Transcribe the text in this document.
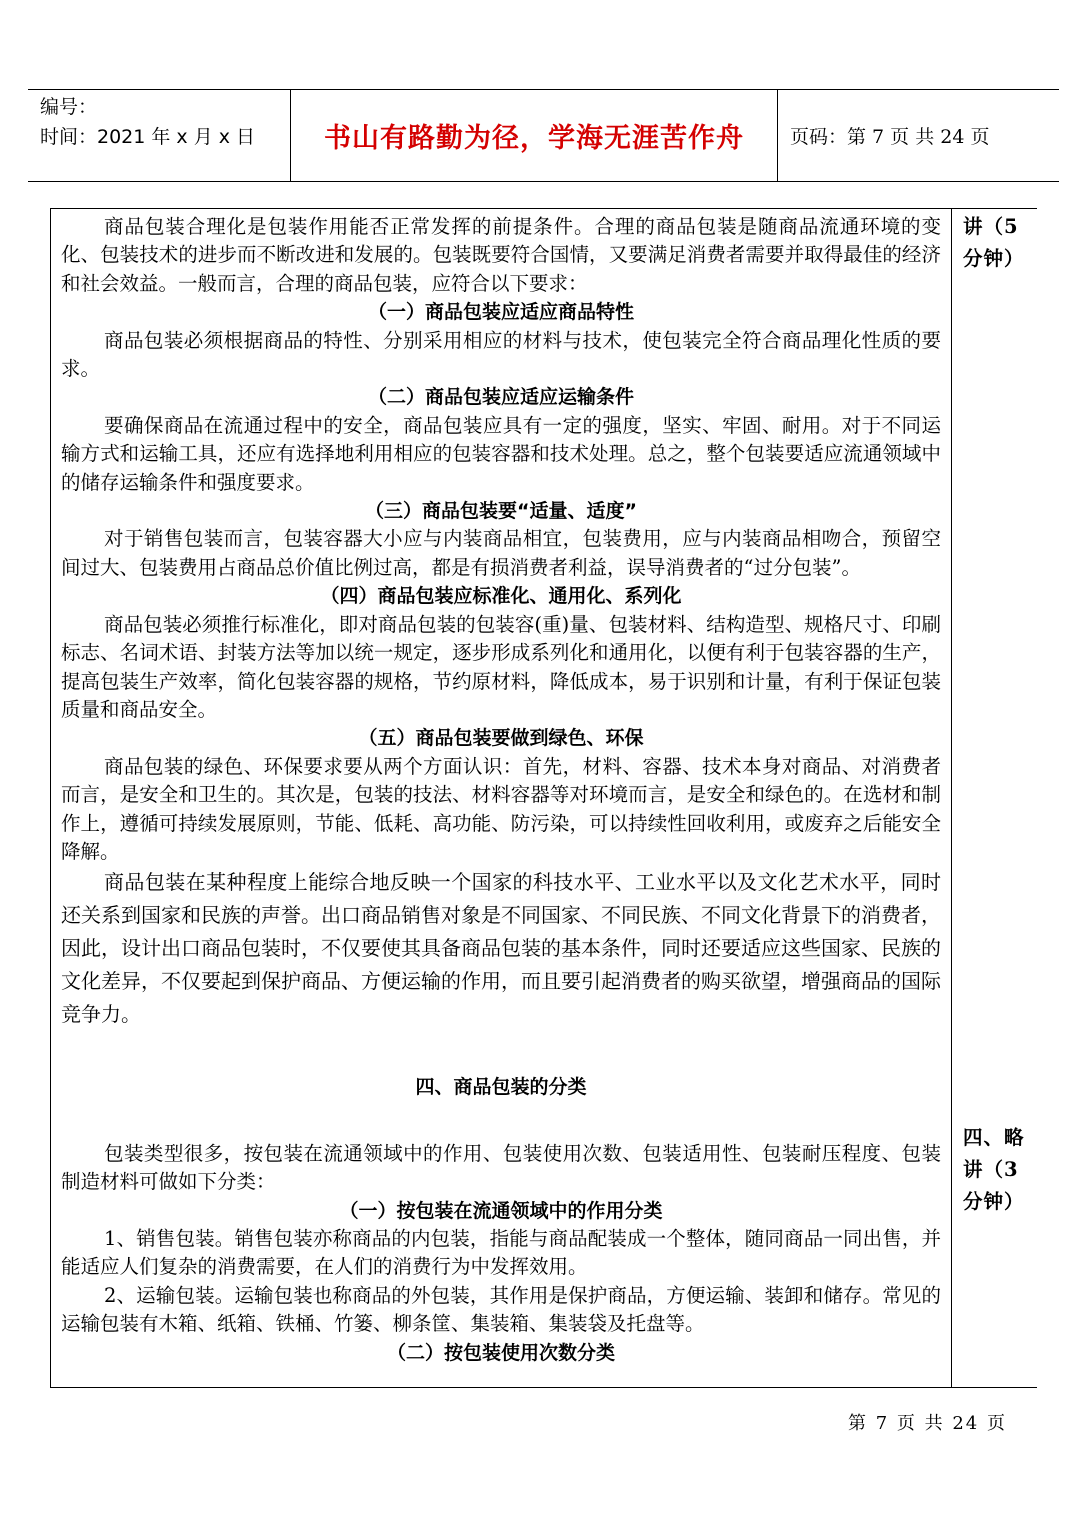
编号：
时间：2021 年 x 月 x 日	书山有路勤为径，学海无涯苦作舟 页码：第 7 页 共 24 页

商品包装合理化是包装作用能否正常发挥的前提条件。合理的商品包装是随商品流通环境的变化、包装技术的进步而不断改进和发展的。包装既要符合国情，又要满足消费者需要并取得最佳的经济和社会效益。一般而言，合理的商品包装，应符合以下要求：

（一）商品包装应适应商品特性

商品包装必须根据商品的特性、分别采用相应的材料与技术，使包装完全符合商品理化性质的要求。

（二）商品包装应适应运输条件

要确保商品在流通过程中的安全，商品包装应具有一定的强度，坚实、牢固、耐用。对于不同运输方式和运输工具，还应有选择地利用相应的包装容器和技术处理。总之，整个包装要适应流通领域中的储存运输条件和强度要求。

（三）商品包装要“适量、适度”

对于销售包装而言，包装容器大小应与内装商品相宜，包装费用，应与内装商品相吻合，预留空间过大、包装费用占商品总价值比例过高，都是有损消费者利益，误导消费者的“过分包装”。

（四）商品包装应标准化、通用化、系列化

商品包装必须推行标准化，即对商品包装的包装容(重)量、包装材料、结构造型、规格尺寸、印刷标志、名词术语、封装方法等加以统一规定，逐步形成系列化和通用化，以便有利于包装容器的生产，提高包装生产效率，简化包装容器的规格，节约原材料，降低成本，易于识别和计量，有利于保证包装质量和商品安全。

（五）商品包装要做到绿色、环保

商品包装的绿色、环保要求要从两个方面认识：首先，材料、容器、技术本身对商品、对消费者而言，是安全和卫生的。其次是，包装的技法、材料容器等对环境而言，是安全和绿色的。在选材和制作上，遵循可持续发展原则，节能、低耗、高功能、防污染，可以持续性回收利用，或废弃之后能安全降解。

商品包装在某种程度上能综合地反映一个国家的科技水平、工业水平以及文化艺术水平，同时还关系到国家和民族的声誉。出口商品销售对象是不同国家、不同民族、不同文化背景下的消费者，因此，设计出口商品包装时，不仅要使其具备商品包装的基本条件，同时还要适应这些国家、民族的文化差异，不仅要起到保护商品、方便运输的作用，而且要引起消费者的购买欲望，增强商品的国际竞争力。

四、商品包装的分类

包装类型很多，按包装在流通领域中的作用、包装使用次数、包装适用性、包装耐压程度、包装制造材料可做如下分类：

（一）按包装在流通领域中的作用分类

1、销售包装。销售包装亦称商品的内包装，指能与商品配装成一个整体，随同商品一同出售，并能适应人们复杂的消费需要，在人们的消费行为中发挥效用。

2、运输包装。运输包装也称商品的外包装，其作用是保护商品，方便运输、装卸和储存。常见的运输包装有木箱、纸箱、铁桶、竹篓、柳条筐、集装箱、集装袋及托盘等。

（二）按包装使用次数分类

讲（5分钟）
四、略讲（3分钟）
第 7 页 共 24 页
